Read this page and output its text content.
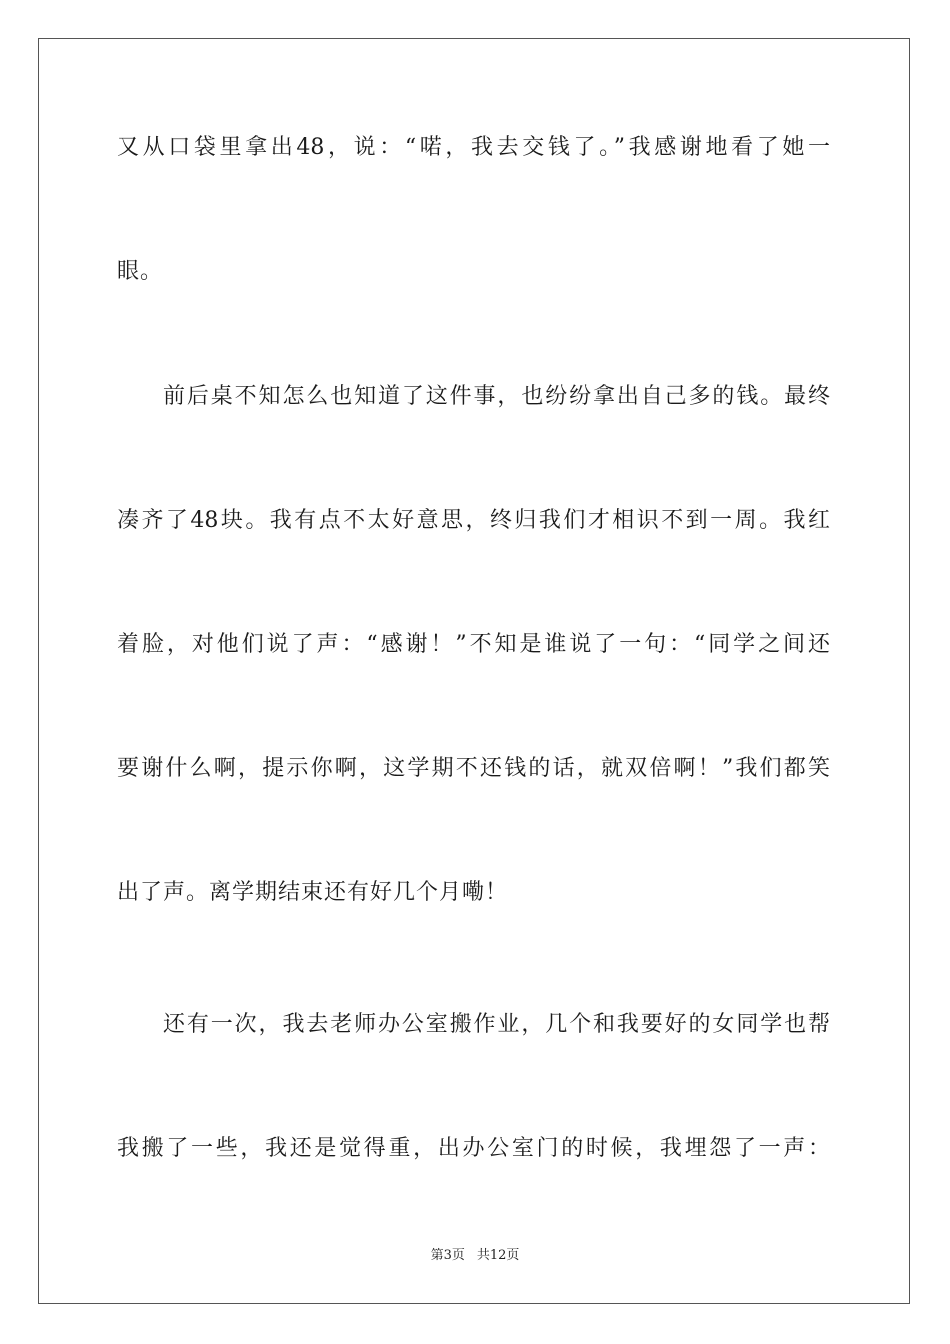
又从口袋里拿出48，说：“喏，我去交钱了。”我感谢地看了她一
眼。
前后桌不知怎么也知道了这件事，也纷纷拿出自己多的钱。最终
凑齐了48块。我有点不太好意思，终归我们才相识不到一周。我红
着脸，对他们说了声：“感谢！”不知是谁说了一句：“同学之间还
要谢什么啊，提示你啊，这学期不还钱的话，就双倍啊！”我们都笑
出了声。离学期结束还有好几个月嘞！
还有一次，我去老师办公室搬作业，几个和我要好的女同学也帮
我搬了一些，我还是觉得重，出办公室门的时候，我埋怨了一声：
第3页 共12页
